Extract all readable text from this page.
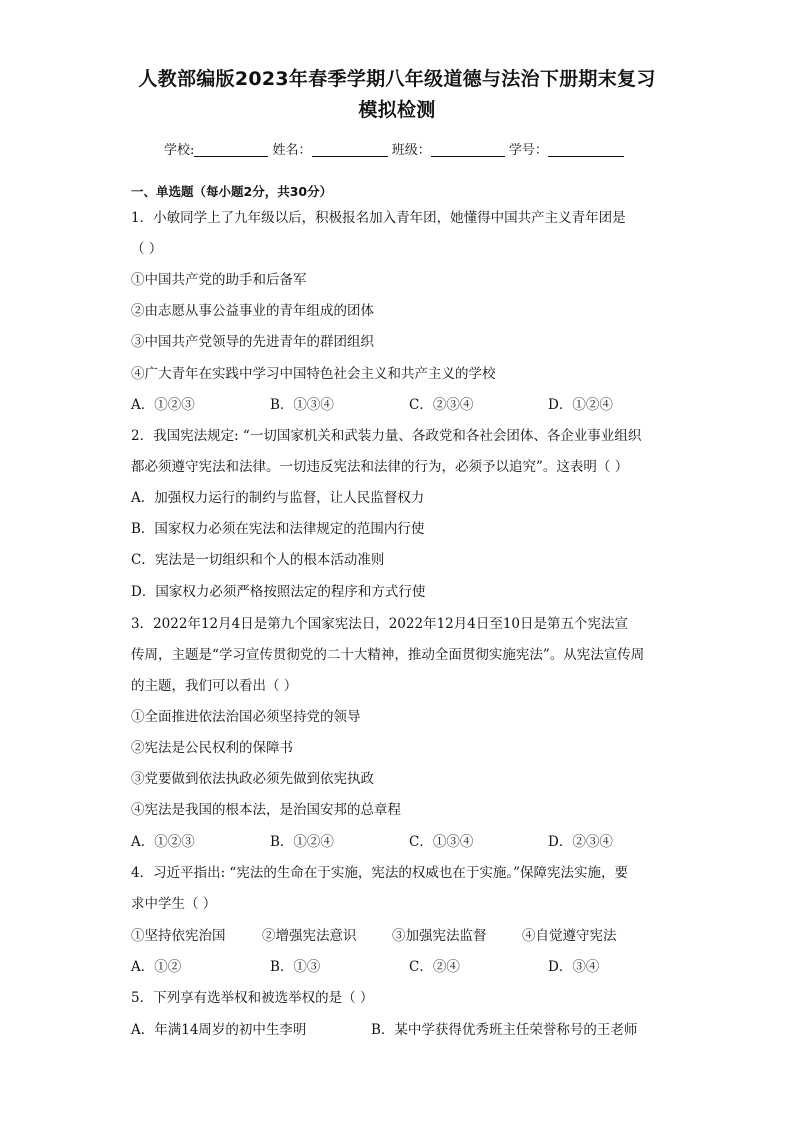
人教部编版2023年春季学期八年级道德与法治下册期末复习
模拟检测
学校:	姓名：	班级：	学号：
一、单选题（每小题2分，共30分）
1．小敏同学上了九年级以后，积极报名加入青年团，她懂得中国共产主义青年团是
（ ）
①中国共产党的助手和后备军
②由志愿从事公益事业的青年组成的团体
③中国共产党领导的先进青年的群团组织
④广大青年在实践中学习中国特色社会主义和共产主义的学校
A．①②③	B．①③④	C．②③④	D．①②④
2．我国宪法规定: “一切国家机关和武装力量、各政党和各社会团体、各企业事业组织
都必须遵守宪法和法律。一切违反宪法和法律的行为，必须予以追究”。这表明（ ）
A．加强权力运行的制约与监督，让人民监督权力
B．国家权力必须在宪法和法律规定的范围内行使
C．宪法是一切组织和个人的根本活动准则
D．国家权力必须严格按照法定的程序和方式行使
3．2022年12月4日是第九个国家宪法日，2022年12月4日至10日是第五个宪法宣
传周，主题是“学习宣传贯彻党的二十大精神，推动全面贯彻实施宪法”。从宪法宣传周
的主题，我们可以看出（ ）
①全面推进依法治国必须坚持党的领导
②宪法是公民权利的保障书
③党要做到依法执政必须先做到依宪执政
④宪法是我国的根本法，是治国安邦的总章程
A．①②③	B．①②④	C．①③④	D．②③④
4．习近平指出: “宪法的生命在于实施，宪法的权威也在于实施。”保障宪法实施，要
求中学生（ ）
①坚持依宪治国	②增强宪法意识	③加强宪法监督	④自觉遵守宪法
A．①②	B．①③	C．②④	D．③④
5．下列享有选举权和被选举权的是（ ）
A．年满14周岁的初中生李明	B．某中学获得优秀班主任荣誉称号的王老师
